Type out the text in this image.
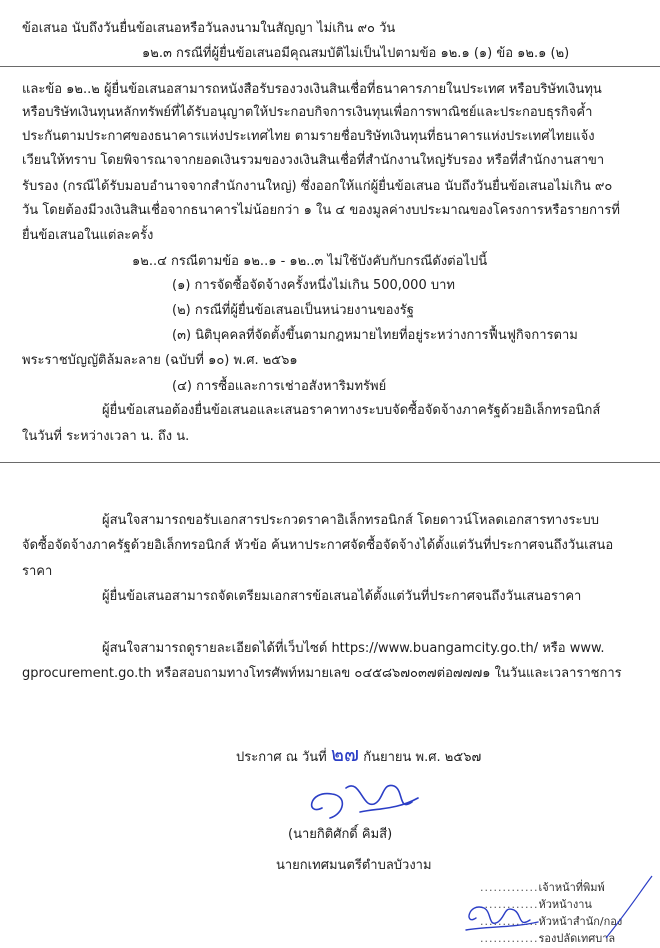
ข้อเสนอ นับถึงวันยื่นข้อเสนอหรือวันลงนามในสัญญา ไม่เกิน ๙๐ วัน
๑๒.๓ กรณีที่ผู้ยื่นข้อเสนอมีคุณสมบัติไม่เป็นไปตามข้อ ๑๒.๑ (๑) ข้อ ๑๒.๑ (๒)
และข้อ ๑๒..๒ ผู้ยื่นข้อเสนอสามารถหนังสือรับรองวงเงินสินเชื่อที่ธนาคารภายในประเทศ หรือบริษัทเงินทุน
หรือบริษัทเงินทุนหลักทรัพย์ที่ได้รับอนุญาตให้ประกอบกิจการเงินทุนเพื่อการพาณิชย์และประกอบธุรกิจค้ำ
ประกันตามประกาศของธนาคารแห่งประเทศไทย ตามรายชื่อบริษัทเงินทุนที่ธนาคารแห่งประเทศไทยแจ้ง
เวียนให้ทราบ โดยพิจารณาจากยอดเงินรวมของวงเงินสินเชื่อที่สำนักงานใหญ่รับรอง หรือที่สำนักงานสาขา
รับรอง (กรณีได้รับมอบอำนาจจากสำนักงานใหญ่) ซึ่งออกให้แก่ผู้ยื่นข้อเสนอ นับถึงวันยื่นข้อเสนอไม่เกิน ๙๐
วัน โดยต้องมีวงเงินสินเชื่อจากธนาคารไม่น้อยกว่า ๑ ใน ๔ ของมูลค่างบประมาณของโครงการหรือรายการที่
ยื่นข้อเสนอในแต่ละครั้ง
๑๒..๔ กรณีตามข้อ ๑๒..๑ - ๑๒..๓ ไม่ใช้บังคับกับกรณีดังต่อไปนี้
(๑) การจัดซื้อจัดจ้างครั้งหนึ่งไม่เกิน 500,000 บาท
(๒) กรณีที่ผู้ยื่นข้อเสนอเป็นหน่วยงานของรัฐ
(๓) นิติบุคคลที่จัดตั้งขึ้นตามกฎหมายไทยที่อยู่ระหว่างการฟื้นฟูกิจการตาม
พระราชบัญญัติล้มละลาย (ฉบับที่ ๑๐) พ.ศ. ๒๕๖๑
(๔) การซื้อและการเช่าอสังหาริมทรัพย์
ผู้ยื่นข้อเสนอต้องยื่นข้อเสนอและเสนอราคาทางระบบจัดซื้อจัดจ้างภาครัฐด้วยอิเล็กทรอนิกส์
ในวันที่ ระหว่างเวลา น. ถึง น.
ผู้สนใจสามารถขอรับเอกสารประกวดราคาอิเล็กทรอนิกส์ โดยดาวน์โหลดเอกสารทางระบบ
จัดซื้อจัดจ้างภาครัฐด้วยอิเล็กทรอนิกส์ หัวข้อ ค้นหาประกาศจัดซื้อจัดจ้างได้ตั้งแต่วันที่ประกาศจนถึงวันเสนอ
ราคา
ผู้ยื่นข้อเสนอสามารถจัดเตรียมเอกสารข้อเสนอได้ตั้งแต่วันที่ประกาศจนถึงวันเสนอราคา
ผู้สนใจสามารถดูรายละเอียดได้ที่เว็บไซต์ https://www.buangamcity.go.th/ หรือ www.
gprocurement.go.th หรือสอบถามทางโทรศัพท์หมายเลข ๐๔๕๘๖๗๐๓๗ต่อ๗๗๗๑ ในวันและเวลาราชการ
ประกาศ ณ วันที่ ๒๗ กันยายน พ.ศ. ๒๕๖๗
(นายกิติศักดิ์ คิมสี)
นายกเทศมนตรีตำบลบัวงาม
.............เจ้าหน้าที่พิมพ์
.............หัวหน้างาน
.............หัวหน้าสำนัก/กอง
.............รองปลัดเทศบาล
